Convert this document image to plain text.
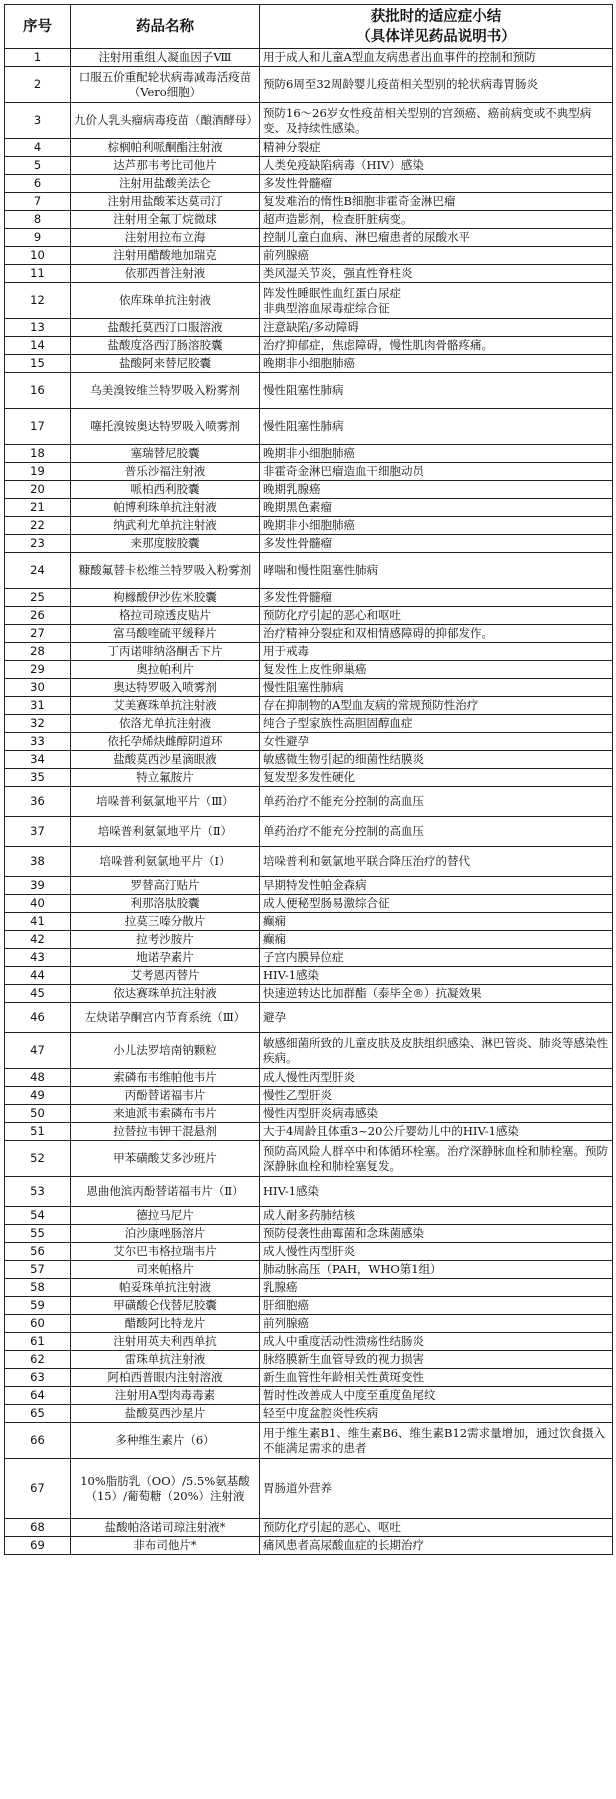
序号	药品名称	获批时的适应症小结
（具体详见药品说明书）

1	注射用重组人凝血因子Ⅷ	用于成人和儿童A型血友病患者出血事件的控制和预防
2	口服五价重配轮状病毒减毒活疫苗（Vero细胞）	预防6周至32周龄婴儿疫苗相关型别的轮状病毒胃肠炎
3	九价人乳头瘤病毒疫苗（酿酒酵母）	预防16～26岁女性疫苗相关型别的宫颈癌、癌前病变或不典型病变、及持续性感染。
4	棕榈帕利哌酮酯注射液	精神分裂症
5	达芦那韦考比司他片	人类免疫缺陷病毒（HIV）感染
6	注射用盐酸美法仑	多发性骨髓瘤
7	注射用盐酸苯达莫司汀	复发难治的惰性B细胞非霍奇金淋巴瘤
8	注射用全氟丁烷微球	超声造影剂，检查肝脏病变。
9	注射用拉布立海	控制儿童白血病、淋巴瘤患者的尿酸水平
10	注射用醋酸地加瑞克	前列腺癌
11	依那西普注射液	类风湿关节炎，强直性脊柱炎
12	依库珠单抗注射液	阵发性睡眠性血红蛋白尿症
非典型溶血尿毒症综合征
13	盐酸托莫西汀口服溶液	注意缺陷/多动障碍
14	盐酸度洛西汀肠溶胶囊	治疗抑郁症，焦虑障碍，慢性肌肉骨骼疼痛。
15	盐酸阿来替尼胶囊	晚期非小细胞肺癌
16	乌美溴铵维兰特罗吸入粉雾剂	慢性阻塞性肺病
17	噻托溴铵奥达特罗吸入喷雾剂	慢性阻塞性肺病
18	塞瑞替尼胶囊	晚期非小细胞肺癌
19	普乐沙福注射液	非霍奇金淋巴瘤造血干细胞动员
20	哌柏西利胶囊	晚期乳腺癌
21	帕博利珠单抗注射液	晚期黑色素瘤
22	纳武利尤单抗注射液	晚期非小细胞肺癌
23	来那度胺胶囊	多发性骨髓瘤
24	糠酸氟替卡松维兰特罗吸入粉雾剂	哮喘和慢性阻塞性肺病
25	枸橼酸伊沙佐米胶囊	多发性骨髓瘤
26	格拉司琼透皮贴片	预防化疗引起的恶心和呕吐
27	富马酸喹硫平缓释片	治疗精神分裂症和双相情感障碍的抑郁发作。
28	丁丙诺啡纳洛酮舌下片	用于戒毒
29	奥拉帕利片	复发性上皮性卵巢癌
30	奥达特罗吸入喷雾剂	慢性阻塞性肺病
31	艾美赛珠单抗注射液	存在抑制物的A型血友病的常规预防性治疗
32	依洛尤单抗注射液	纯合子型家族性高胆固醇血症
33	依托孕烯炔雌醇阴道环	女性避孕
34	盐酸莫西沙星滴眼液	敏感微生物引起的细菌性结膜炎
35	特立氟胺片	复发型多发性硬化
36	培哚普利氨氯地平片（Ⅲ）	单药治疗不能充分控制的高血压
37	培哚普利氨氯地平片（Ⅱ）	单药治疗不能充分控制的高血压
38	培哚普利氨氯地平片（Ⅰ）	培哚普利和氨氯地平联合降压治疗的替代
39	罗替高汀贴片	早期特发性帕金森病
40	利那洛肽胶囊	成人便秘型肠易激综合征
41	拉莫三嗪分散片	癫痫
42	拉考沙胺片	癫痫
43	地诺孕素片	子宫内膜异位症
44	艾考恩丙替片	HIV-1感染
45	依达赛珠单抗注射液	快速逆转达比加群酯（泰毕全®）抗凝效果
46	左炔诺孕酮宫内节育系统（Ⅲ）	避孕
47	小儿法罗培南钠颗粒	敏感细菌所致的儿童皮肤及皮肤组织感染、淋巴管炎、肺炎等感染性疾病。
48	索磷布韦维帕他韦片	成人慢性丙型肝炎
49	丙酚替诺福韦片	慢性乙型肝炎
50	来迪派韦索磷布韦片	慢性丙型肝炎病毒感染
51	拉替拉韦钾干混悬剂	大于4周龄且体重3~20公斤婴幼儿中的HIV-1感染
52	甲苯磺酸艾多沙班片	预防高风险人群卒中和体循环栓塞。治疗深静脉血栓和肺栓塞。预防深静脉血栓和肺栓塞复发。
53	恩曲他滨丙酚替诺福韦片（Ⅱ）	HIV-1感染
54	德拉马尼片	成人耐多药肺结核
55	泊沙康唑肠溶片	预防侵袭性曲霉菌和念珠菌感染
56	艾尔巴韦格拉瑞韦片	成人慢性丙型肝炎
57	司来帕格片	肺动脉高压（PAH，WHO第1组）
58	帕妥珠单抗注射液	乳腺癌
59	甲磺酸仑伐替尼胶囊	肝细胞癌
60	醋酸阿比特龙片	前列腺癌
61	注射用英夫利西单抗	成人中重度活动性溃疡性结肠炎
62	雷珠单抗注射液	脉络膜新生血管导致的视力损害
63	阿柏西普眼内注射溶液	新生血管性年龄相关性黄斑变性
64	注射用A型肉毒毒素	暂时性改善成人中度至重度鱼尾纹
65	盐酸莫西沙星片	轻至中度盆腔炎性疾病
66	多种维生素片（6）	用于维生素B1、维生素B6、维生素B12需求量增加，通过饮食摄入不能满足需求的患者
67	10%脂肪乳（OO）/5.5%氨基酸（15）/葡萄糖（20%）注射液	胃肠道外营养
68	盐酸帕洛诺司琼注射液*	预防化疗引起的恶心、呕吐
69	非布司他片*	痛风患者高尿酸血症的长期治疗
